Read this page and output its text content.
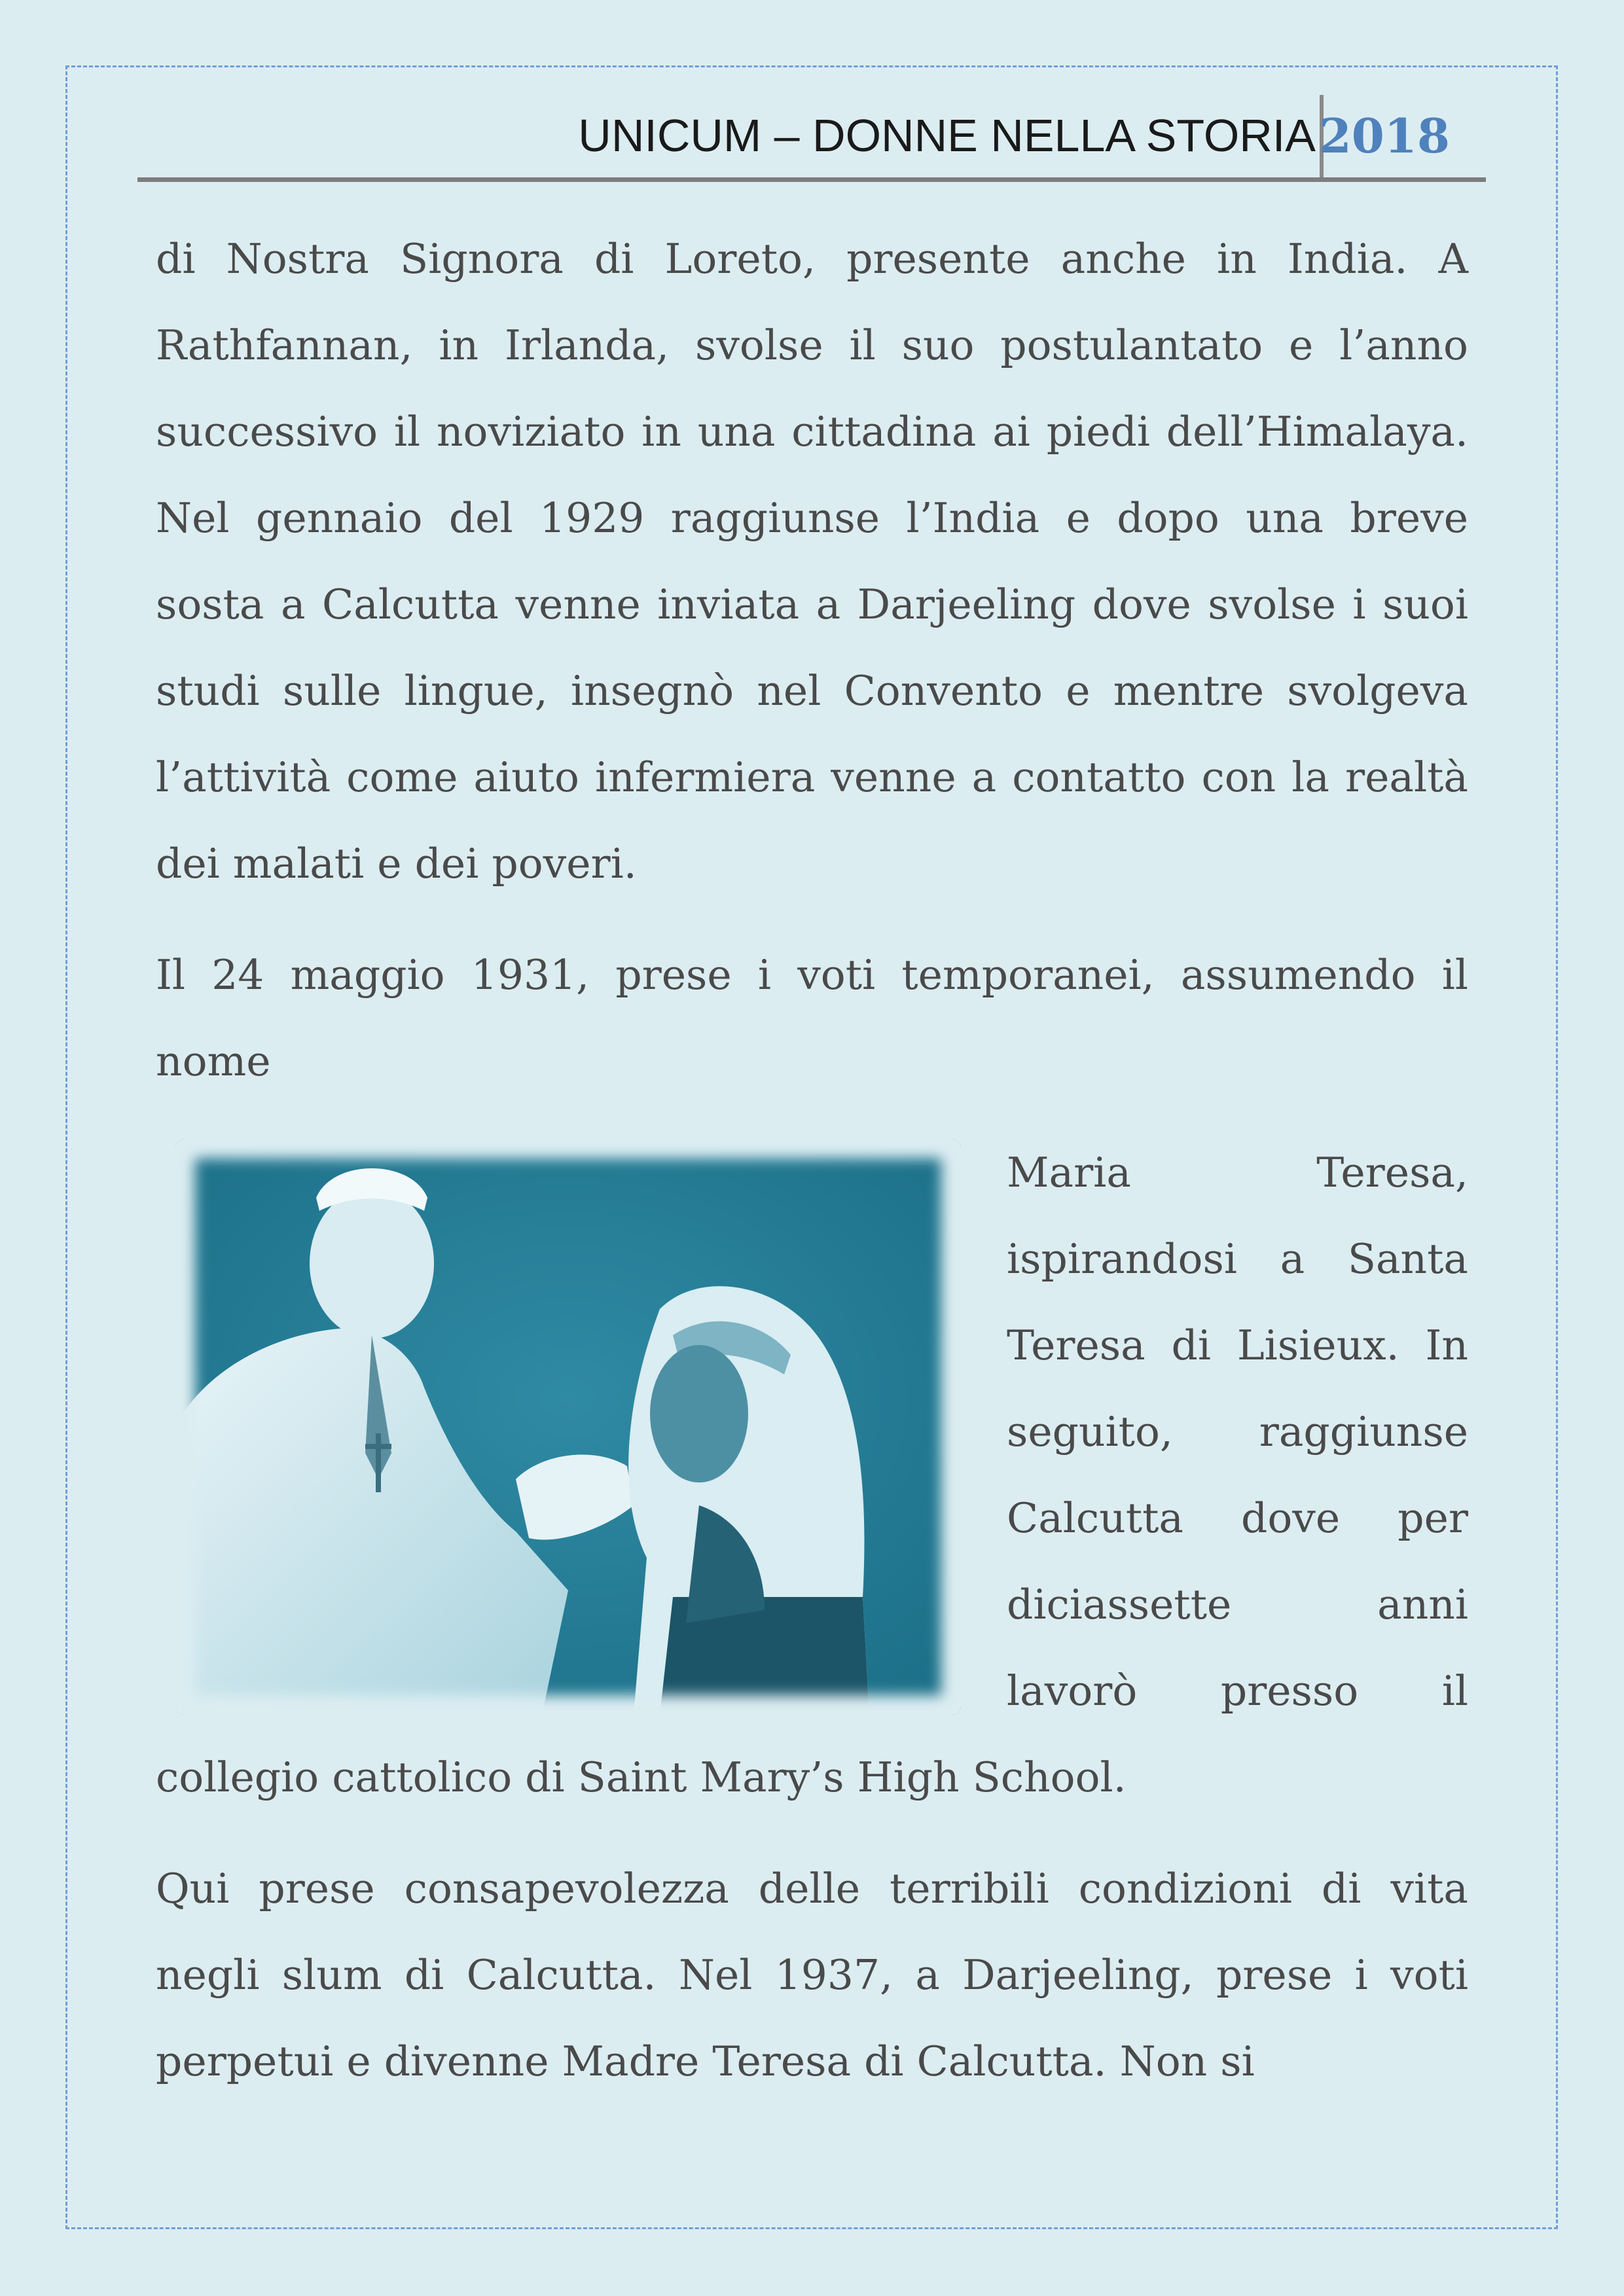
UNICUM – DONNE NELLA STORIA 2018

di Nostra Signora di Loreto, presente anche in India. A Rathfannan, in Irlanda, svolse il suo postulantato e l’anno successivo il noviziato in una cittadina ai piedi dell’Himalaya. Nel gennaio del 1929 raggiunse l’India e dopo una breve sosta a Calcutta venne inviata a Darjeeling dove svolse i suoi studi sulle lingue, insegnò nel Convento e mentre svolgeva l’attività come aiuto infermiera venne a contatto con la realtà dei malati e dei poveri.

Il 24 maggio 1931, prese i voti temporanei, assumendo il nome

Maria Teresa, ispirandosi a Santa Teresa di Lisieux. In seguito, raggiunse Calcutta dove per diciassette anni lavorò presso il collegio cattolico di Saint Mary’s High School.

Qui prese consapevolezza delle terribili condizioni di vita negli slum di Calcutta. Nel 1937, a Darjeeling, prese i voti perpetui e divenne Madre Teresa di Calcutta. Non si
